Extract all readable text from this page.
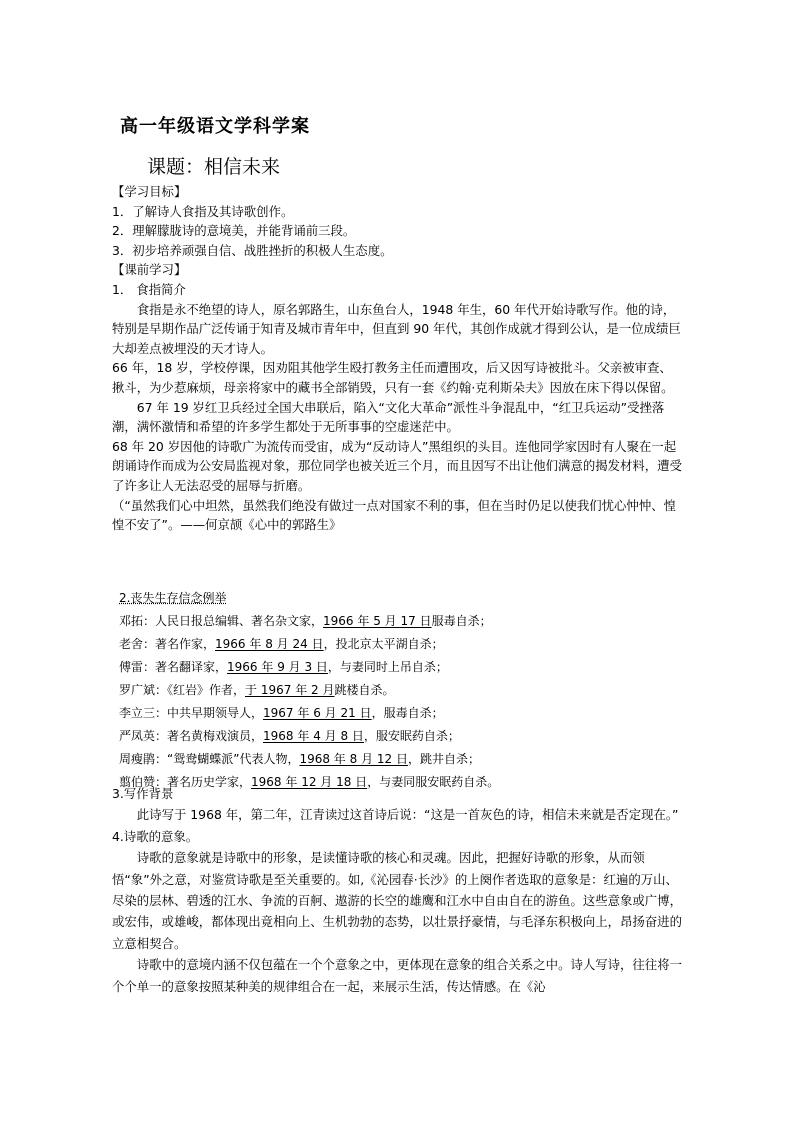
高一年级语文学科学案
课题：相信未来

【学习目标】

1．了解诗人食指及其诗歌创作。

2．理解朦胧诗的意境美，并能背诵前三段。

3．初步培养顽强自信、战胜挫折的积极人生态度。

【课前学习】

1． 食指简介

食指是永不绝望的诗人，原名郭路生，山东鱼台人，1948 年生，60 年代开始诗歌写作。他的诗，特别是早期作品广泛传诵于知青及城市青年中，但直到 90 年代，其创作成就才得到公认，是一位成绩巨大却差点被埋没的天才诗人。

66 年，18 岁，学校停课，因劝阻其他学生殴打教务主任而遭围攻，后又因写诗被批斗。父亲被审查、揪斗，为少惹麻烦，母亲将家中的藏书全部销毁，只有一套《约翰·克利斯朵夫》因放在床下得以保留。

67 年 19 岁红卫兵经过全国大串联后，陷入“文化大革命”派性斗争混乱中，“红卫兵运动”受挫落潮，满怀激情和希望的许多学生都处于无所事事的空虚迷茫中。

68 年 20 岁因他的诗歌广为流传而受宙，成为“反动诗人”黑组织的头目。连他同学家因时有人聚在一起朗诵诗作而成为公安局监视对象，那位同学也被关近三个月，而且因写不出让他们满意的揭发材料，遭受了许多让人无法忍受的屈辱与折磨。

（“虽然我们心中坦然，虽然我们绝没有做过一点对国家不利的事，但在当时仍足以使我们忧心忡忡、惶惶不安了”。——何京颉《心中的郭路生》

2.丧失生存信念例举

邓拓：人民日报总编辑、著名杂文家，1966 年 5 月 17 日服毒自杀；

老舍：著名作家，1966 年 8 月 24 日，投北京太平湖自杀；

傅雷：著名翻译家，1966 年 9 月 3 日，与妻同时上吊自杀；

罗广斌：《红岩》作者，于 1967 年 2 月跳楼自杀。

李立三：中共早期领导人，1967 年 6 月 21 日，服毒自杀；

严凤英：著名黄梅戏演员，1968 年 4 月 8 日，服安眠药自杀；

周瘦鹃：“鸳鸯蝴蝶派”代表人物，1968 年 8 月 12 日，跳井自杀；

翦伯赞：著名历史学家，1968 年 12 月 18 日，与妻同服安眠药自杀。

3.写作背景

此诗写于 1968 年，第二年，江青读过这首诗后说：“这是一首灰色的诗，相信未来就是否定现在。”

4.诗歌的意象。

诗歌的意象就是诗歌中的形象，是读懂诗歌的核心和灵魂。因此，把握好诗歌的形象，从而领悟“象”外之意，对鉴赏诗歌是至关重要的。如,《沁园春·长沙》的上阕作者选取的意象是：红遍的万山、尽染的层林、碧透的江水、争流的百舸、遨游的长空的雄鹰和江水中自由自在的游鱼。这些意象或广博，或宏伟，或雄峻，都体现出竟相向上、生机勃勃的态势，以壮景抒豪情，与毛泽东积极向上，昂扬奋进的立意相契合。

诗歌中的意境内涵不仅包蕴在一个个意象之中，更体现在意象的组合关系之中。诗人写诗，往往将一个个单一的意象按照某种美的规律组合在一起，来展示生活，传达情感。在《沁
